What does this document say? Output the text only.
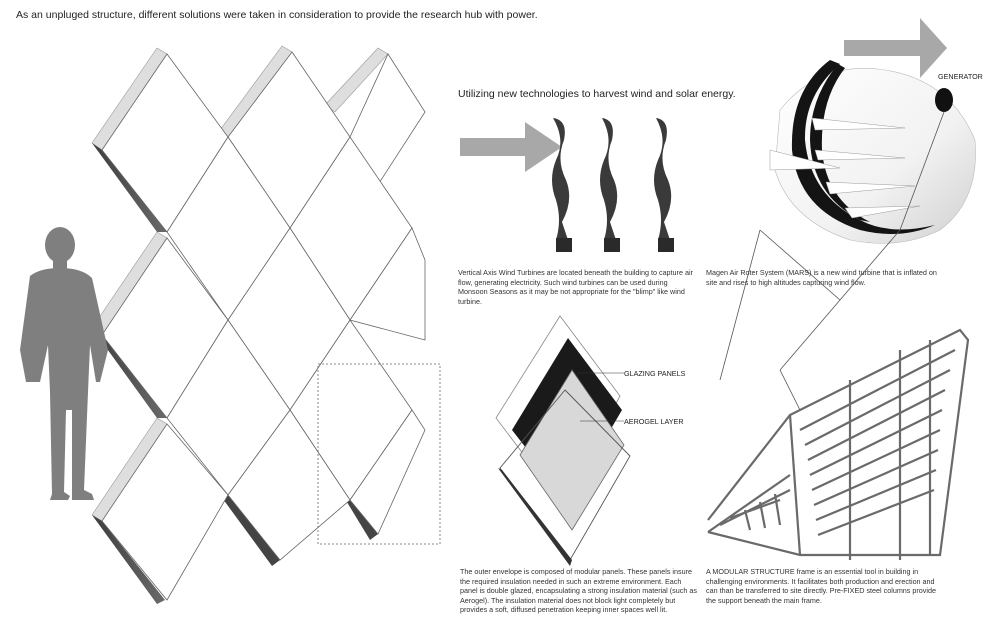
As an unpluged structure, different solutions were taken in consideration to provide the research hub with power.

Utilizing new technologies to harvest wind and solar energy.

Vertical Axis Wind Turbines are located beneath the building to capture air flow, generating electricity. Such wind turbines can be used during Monsoon Seasons as it may be not appropriate for the "blimp" like wind turbine.

Magen Air Roter System (MARS) is a new wind turbine that is inflated on site and rises to high altitudes capturing wind flow.

GENERATOR

GLAZING PANELS

AEROGEL LAYER

The outer envelope is composed of modular panels. These panels insure the required insulation needed in such an extreme environment. Each panel is double glazed, encapsulating a strong insulation material (such as Aerogel). The insulation material does not block light completely but provides a soft, diffused penetration keeping inner spaces well lit.

A MODULAR STRUCTURE frame is an essential tool in building in challenging environments. It facilitates both production and erection and can than be transferred to site directly. Pre-FIXED steel columns provide the support beneath the main frame.
